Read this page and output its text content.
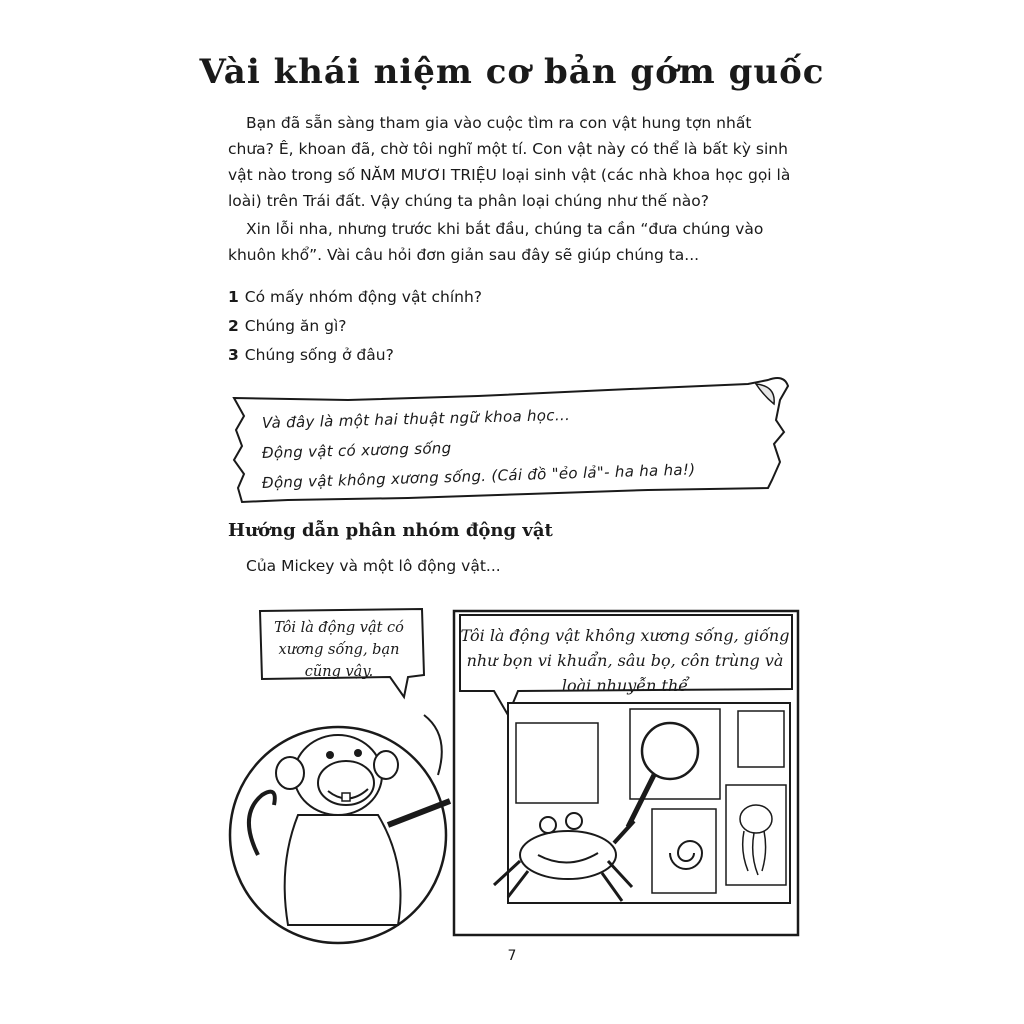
Vài khái niệm cơ bản gớm guốc

Bạn đã sẵn sàng tham gia vào cuộc tìm ra con vật hung tợn nhất chưa? Ê, khoan đã, chờ tôi nghĩ một tí. Con vật này có thể là bất kỳ sinh vật nào trong số NĂM MƯƠI TRIỆU loại sinh vật (các nhà khoa học gọi là loài) trên Trái đất. Vậy chúng ta phân loại chúng như thế nào?

Xin lỗi nha, nhưng trước khi bắt đầu, chúng ta cần “đưa chúng vào khuôn khổ”. Vài câu hỏi đơn giản sau đây sẽ giúp chúng ta...

1 Có mấy nhóm động vật chính?
2 Chúng ăn gì?
3 Chúng sống ở đâu?
Và đây là một hai thuật ngữ khoa học...
Động vật có xương sống
Động vật không xương sống. (Cái đồ "ẻo lả"- ha ha ha!)
Hướng dẫn phân nhóm động vật
Của Mickey và một lô động vật...
Tôi là động vật có xương sống, bạn cũng vậy.
Tôi là động vật không xương sống, giống như bọn vi khuẩn, sâu bọ, côn trùng và loài nhuyễn thể
7
